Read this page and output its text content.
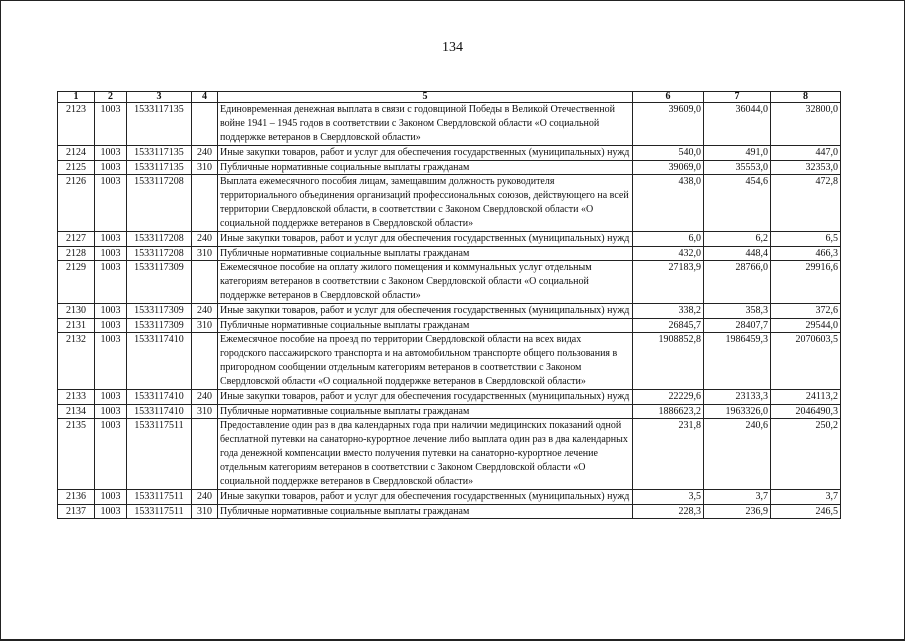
134
1	2	3	4	5	6	7	8
2123	1003	1533117135		Единовременная денежная выплата в связи с годовщиной Победы в Великой Отечественной войне 1941 – 1945 годов в соответствии с Законом Свердловской области «О социальной поддержке ветеранов в Свердловской области»	39609,0	36044,0	32800,0
2124	1003	1533117135	240	Иные закупки товаров, работ и услуг для обеспечения государственных (муниципальных) нужд	540,0	491,0	447,0
2125	1003	1533117135	310	Публичные нормативные социальные выплаты гражданам	39069,0	35553,0	32353,0
2126	1003	1533117208		Выплата ежемесячного пособия лицам, замещавшим должность руководителя территориального объединения организаций профессиональных союзов, действующего на всей территории Свердловской области, в соответствии с Законом Свердловской области «О социальной поддержке ветеранов в Свердловской области»	438,0	454,6	472,8
2127	1003	1533117208	240	Иные закупки товаров, работ и услуг для обеспечения государственных (муниципальных) нужд	6,0	6,2	6,5
2128	1003	1533117208	310	Публичные нормативные социальные выплаты гражданам	432,0	448,4	466,3
2129	1003	1533117309		Ежемесячное пособие на оплату жилого помещения и коммунальных услуг отдельным категориям ветеранов в соответствии с Законом Свердловской области «О социальной поддержке ветеранов в Свердловской области»	27183,9	28766,0	29916,6
2130	1003	1533117309	240	Иные закупки товаров, работ и услуг для обеспечения государственных (муниципальных) нужд	338,2	358,3	372,6
2131	1003	1533117309	310	Публичные нормативные социальные выплаты гражданам	26845,7	28407,7	29544,0
2132	1003	1533117410		Ежемесячное пособие на проезд по территории Свердловской области на всех видах городского пассажирского транспорта и на автомобильном транспорте общего пользования в пригородном сообщении отдельным категориям ветеранов в соответствии с Законом Свердловской области «О социальной поддержке ветеранов в Свердловской области»	1908852,8	1986459,3	2070603,5
2133	1003	1533117410	240	Иные закупки товаров, работ и услуг для обеспечения государственных (муниципальных) нужд	22229,6	23133,3	24113,2
2134	1003	1533117410	310	Публичные нормативные социальные выплаты гражданам	1886623,2	1963326,0	2046490,3
2135	1003	1533117511		Предоставление один раз в два календарных года при наличии медицинских показаний одной бесплатной путевки на санаторно-курортное лечение либо выплата один раз в два календарных года денежной компенсации вместо получения путевки на санаторно-курортное лечение отдельным категориям ветеранов в соответствии с Законом Свердловской области «О социальной поддержке ветеранов в Свердловской области»	231,8	240,6	250,2
2136	1003	1533117511	240	Иные закупки товаров, работ и услуг для обеспечения государственных (муниципальных) нужд	3,5	3,7	3,7
2137	1003	1533117511	310	Публичные нормативные социальные выплаты гражданам	228,3	236,9	246,5
